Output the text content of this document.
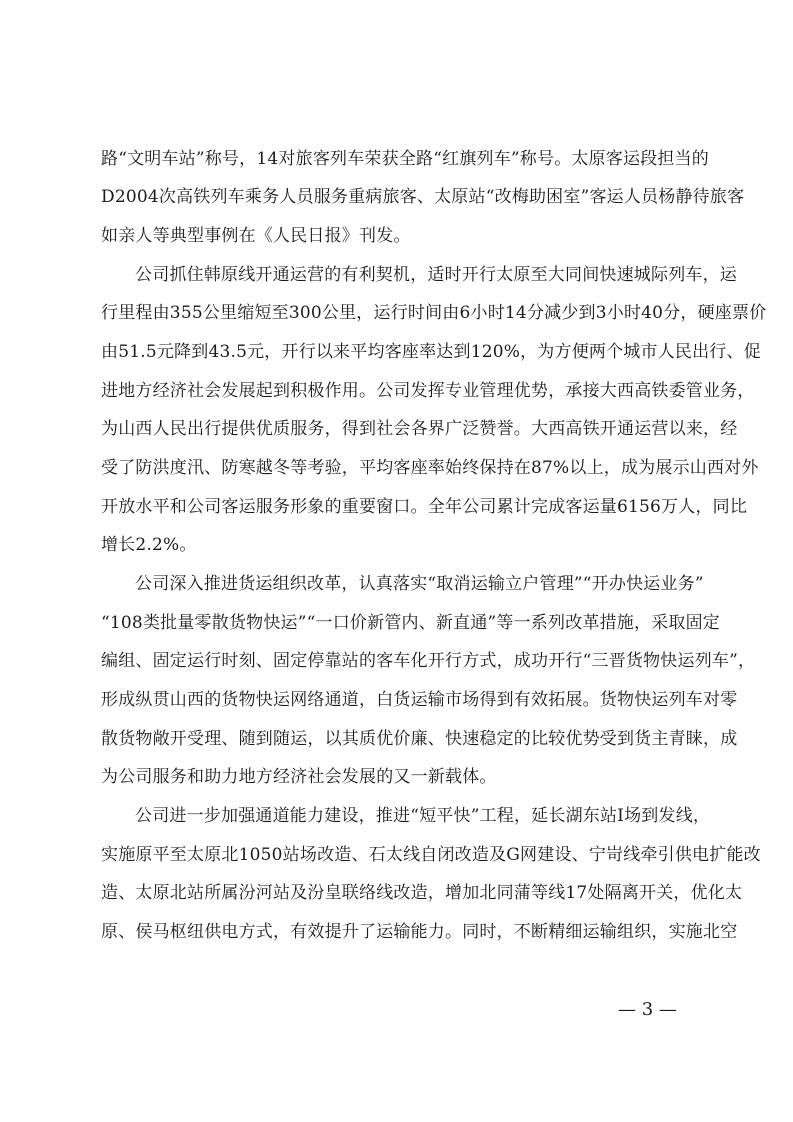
路“文明车站”称号，14对旅客列车荣获全路“红旗列车”称号。太原客运段担当的
D2004次高铁列车乘务人员服务重病旅客、太原站“改梅助困室”客运人员杨静待旅客
如亲人等典型事例在《人民日报》刊发。
公司抓住韩原线开通运营的有利契机，适时开行太原至大同间快速城际列车，运
行里程由355公里缩短至300公里，运行时间由6小时14分减少到3小时40分，硬座票价
由51.5元降到43.5元，开行以来平均客座率达到120%，为方便两个城市人民出行、促
进地方经济社会发展起到积极作用。公司发挥专业管理优势，承接大西高铁委管业务，
为山西人民出行提供优质服务，得到社会各界广泛赞誉。大西高铁开通运营以来，经
受了防洪度汛、防寒越冬等考验，平均客座率始终保持在87%以上，成为展示山西对外
开放水平和公司客运服务形象的重要窗口。全年公司累计完成客运量6156万人，同比
增长2.2%。
公司深入推进货运组织改革，认真落实“取消运输立户管理”“开办快运业务”
“108类批量零散货物快运”“一口价新管内、新直通”等一系列改革措施，采取固定
编组、固定运行时刻、固定停靠站的客车化开行方式，成功开行“三晋货物快运列车”，
形成纵贯山西的货物快运网络通道，白货运输市场得到有效拓展。货物快运列车对零
散货物敞开受理、随到随运，以其质优价廉、快速稳定的比较优势受到货主青睐，成
为公司服务和助力地方经济社会发展的又一新载体。
公司进一步加强通道能力建设，推进“短平快”工程，延长湖东站Ⅰ场到发线，
实施原平至太原北1050站场改造、石太线自闭改造及G网建设、宁岢线牵引供电扩能改
造、太原北站所属汾河站及汾皇联络线改造，增加北同蒲等线17处隔离开关，优化太
原、侯马枢纽供电方式，有效提升了运输能力。同时，不断精细运输组织，实施北空
— 3 —
